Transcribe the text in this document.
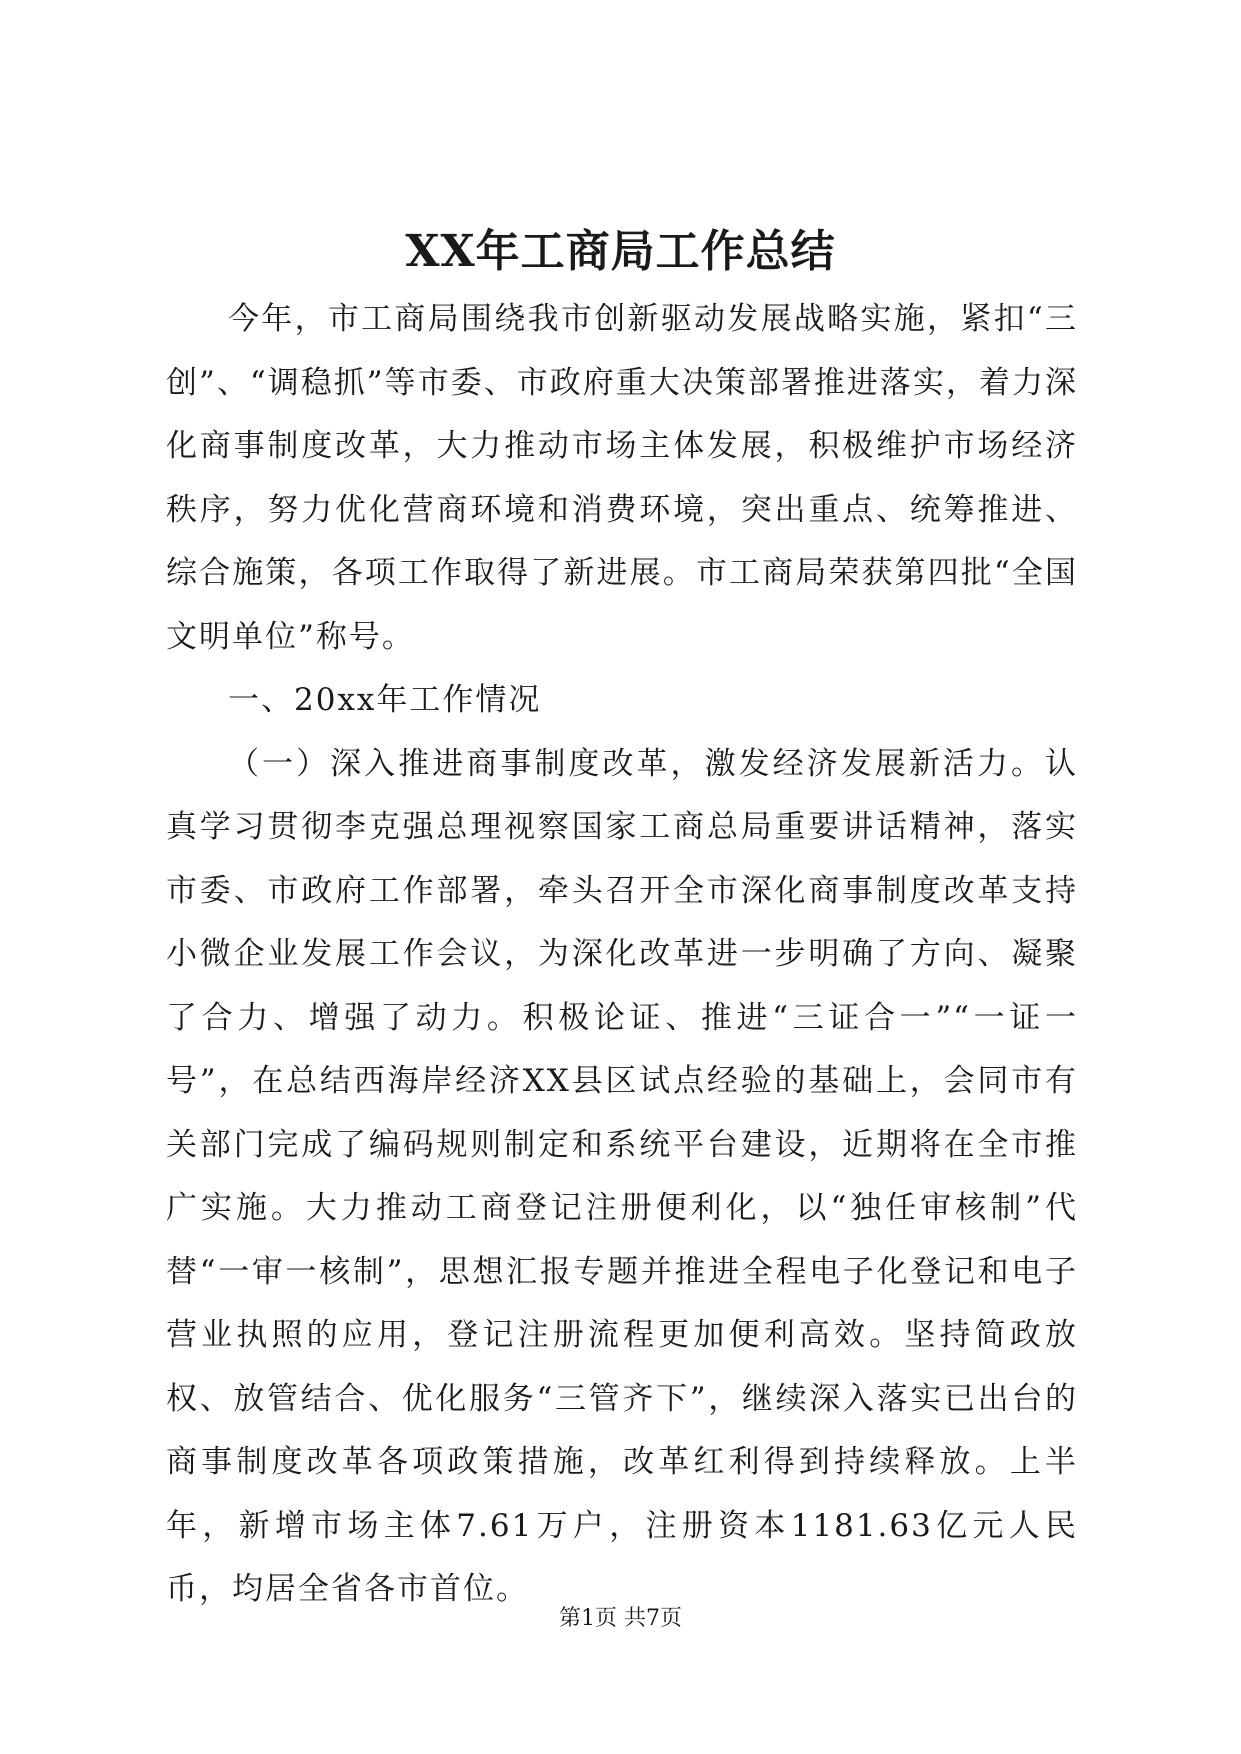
XX年工商局工作总结

今年，市工商局围绕我市创新驱动发展战略实施，紧扣“三创”、“调稳抓”等市委、市政府重大决策部署推进落实，着力深化商事制度改革，大力推动市场主体发展，积极维护市场经济秩序，努力优化营商环境和消费环境，突出重点、统筹推进、综合施策，各项工作取得了新进展。市工商局荣获第四批“全国文明单位”称号。

一、20xx年工作情况

（一）深入推进商事制度改革，激发经济发展新活力。认真学习贯彻李克强总理视察国家工商总局重要讲话精神，落实市委、市政府工作部署，牵头召开全市深化商事制度改革支持小微企业发展工作会议，为深化改革进一步明确了方向、凝聚了合力、增强了动力。积极论证、推进“三证合一”“一证一号”，在总结西海岸经济XX县区试点经验的基础上，会同市有关部门完成了编码规则制定和系统平台建设，近期将在全市推广实施。大力推动工商登记注册便利化，以“独任审核制”代替“一审一核制”，思想汇报专题并推进全程电子化登记和电子营业执照的应用，登记注册流程更加便利高效。坚持简政放权、放管结合、优化服务“三管齐下”，继续深入落实已出台的商事制度改革各项政策措施，改革红利得到持续释放。上半年，新增市场主体7.61万户，注册资本1181.63亿元人民币，均居全省各市首位。

第1页 共7页
